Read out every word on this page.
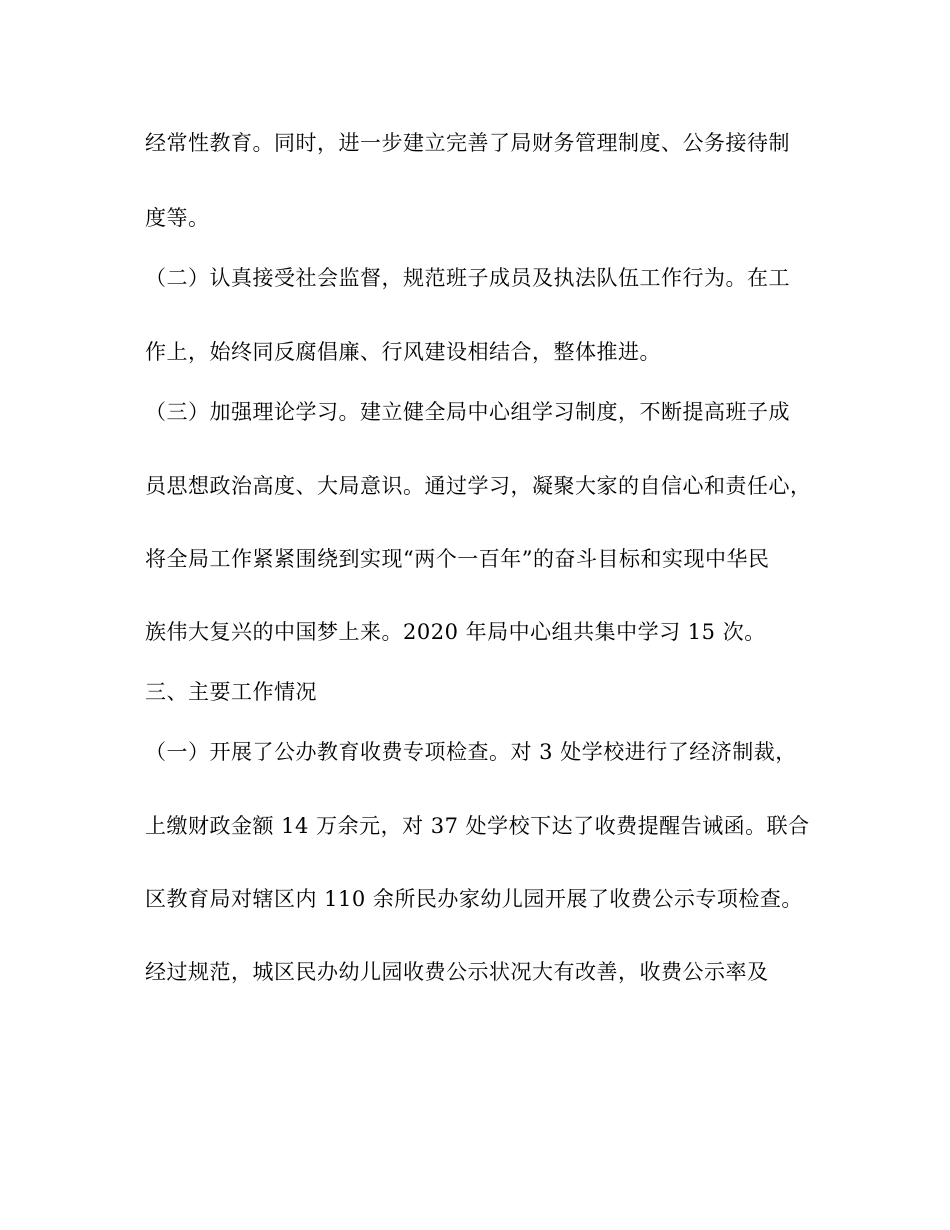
经常性教育。同时，进一步建立完善了局财务管理制度、公务接待制
度等。
（二）认真接受社会监督，规范班子成员及执法队伍工作行为。在工
作上，始终同反腐倡廉、行风建设相结合，整体推进。
（三）加强理论学习。建立健全局中心组学习制度，不断提高班子成
员思想政治高度、大局意识。通过学习，凝聚大家的自信心和责任心，
将全局工作紧紧围绕到实现“两个一百年”的奋斗目标和实现中华民
族伟大复兴的中国梦上来。2020 年局中心组共集中学习 15 次。
三、主要工作情况
（一）开展了公办教育收费专项检查。对 3 处学校进行了经济制裁，
上缴财政金额 14 万余元，对 37 处学校下达了收费提醒告诫函。联合
区教育局对辖区内 110 余所民办家幼儿园开展了收费公示专项检查。
经过规范，城区民办幼儿园收费公示状况大有改善，收费公示率及
